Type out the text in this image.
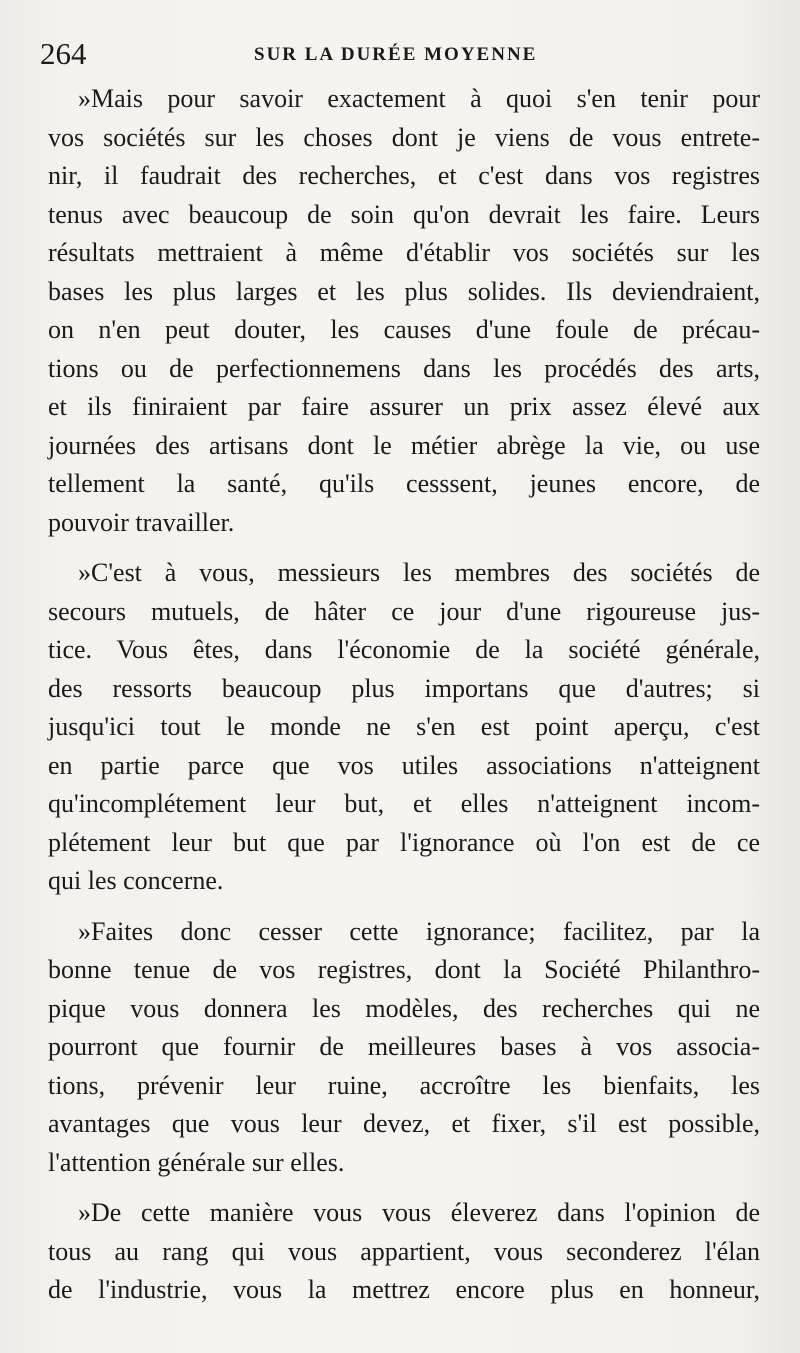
264	SUR LA DURÉE MOYENNE
»Mais pour savoir exactement à quoi s'en tenir pour
vos sociétés sur les choses dont je viens de vous entrete-
nir, il faudrait des recherches, et c'est dans vos registres
tenus avec beaucoup de soin qu'on devrait les faire. Leurs
résultats mettraient à même d'établir vos sociétés sur les
bases les plus larges et les plus solides. Ils deviendraient,
on n'en peut douter, les causes d'une foule de précau-
tions ou de perfectionnemens dans les procédés des arts,
et ils finiraient par faire assurer un prix assez élevé aux
journées des artisans dont le métier abrège la vie, ou use
tellement la santé, qu'ils cesssent, jeunes encore, de
pouvoir travailler.
»C'est à vous, messieurs les membres des sociétés de
secours mutuels, de hâter ce jour d'une rigoureuse jus-
tice. Vous êtes, dans l'économie de la société générale,
des ressorts beaucoup plus importans que d'autres; si
jusqu'ici tout le monde ne s'en est point aperçu, c'est
en partie parce que vos utiles associations n'atteignent
qu'incomplétement leur but, et elles n'atteignent incom-
plétement leur but que par l'ignorance où l'on est de ce
qui les concerne.
»Faites donc cesser cette ignorance; facilitez, par la
bonne tenue de vos registres, dont la Société Philanthro-
pique vous donnera les modèles, des recherches qui ne
pourront que fournir de meilleures bases à vos associa-
tions, prévenir leur ruine, accroître les bienfaits, les
avantages que vous leur devez, et fixer, s'il est possible,
l'attention générale sur elles.
»De cette manière vous vous éleverez dans l'opinion de
tous au rang qui vous appartient, vous seconderez l'élan
de l'industrie, vous la mettrez encore plus en honneur,
